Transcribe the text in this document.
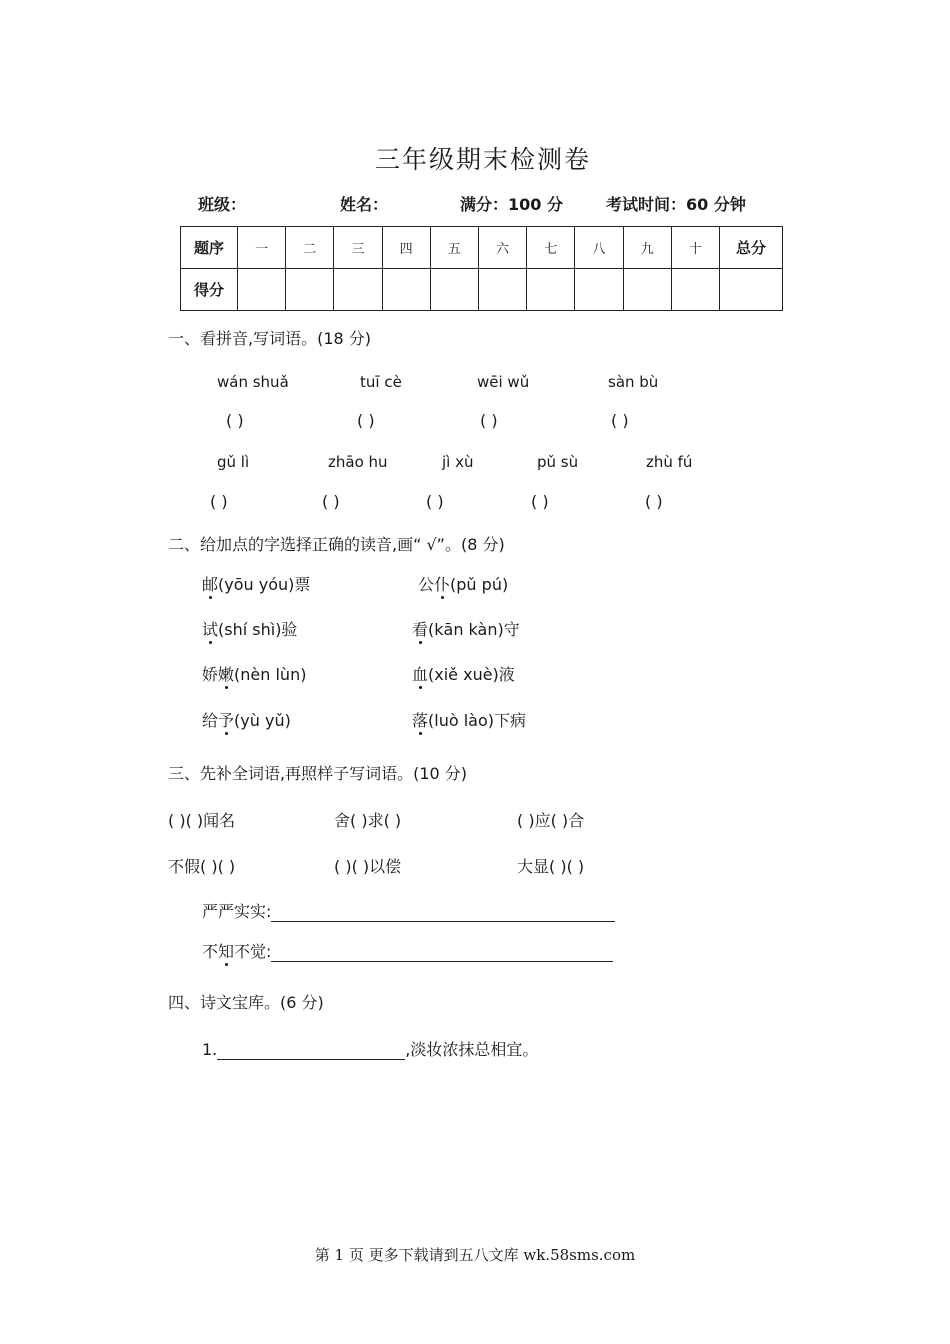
三年级期末检测卷
班级：	姓名：	满分：100 分	考试时间：60 分钟
题序	一	二	三	四	五	六	七	八	九	十	总分
得分											
一、看拼音,写词语。(18 分)
wán shuǎ	tuī cè	wēi wǔ	sàn bù
( )	( )	( )	( )
gǔ lì	zhāo hu	jì xù	pǔ sù	zhù fú
( )	( )	( )	( )	( )
二、给加点的字选择正确的读音,画“ √”。(8 分)
邮(yōu yóu)票	公仆(pǔ pú)
试(shí shì)验	看(kān kàn)守
娇嫩(nèn lùn)	血(xiě xuè)液
给予(yù yǔ)	落(luò lào)下病
三、先补全词语,再照样子写词语。(10 分)
( )( )闻名	舍( )求( )	( )应( )合
不假( )( )	( )( )以偿	大显( )( )
严严实实:
不知不觉:
四、诗文宝库。(6 分)
1.	,淡妆浓抹总相宜。
第 1 页 更多下载请到五八文库 wk.58sms.com
